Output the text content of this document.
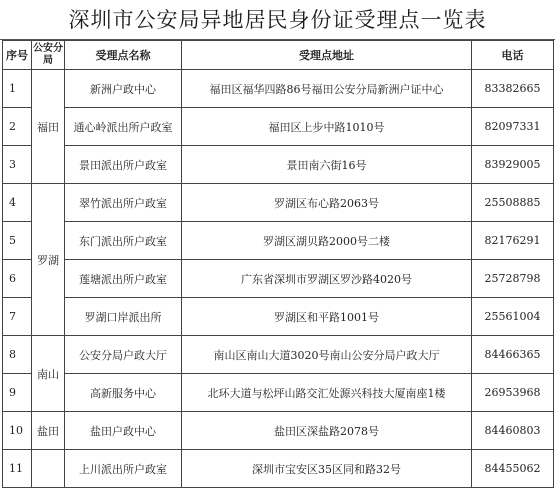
深圳市公安局异地居民身份证受理点一览表
序号	公安分局	受理点名称	受理点地址	电话
1	福田	新洲户政中心	福田区福华四路86号福田公安分局新洲户证中心	83382665
2		通心岭派出所户政室	福田区上步中路1010号	82097331
3		景田派出所户政室	景田南六街16号	83929005
4	罗湖	翠竹派出所户政室	罗湖区布心路2063号	25508885
5		东门派出所户政室	罗湖区湖贝路2000号二楼	82176291
6		莲塘派出所户政室	广东省深圳市罗湖区罗沙路4020号	25728798
7		罗湖口岸派出所	罗湖区和平路1001号	25561004
8	南山	公安分局户政大厅	南山区南山大道3020号南山公安分局户政大厅	84466365
9		高新服务中心	北环大道与松坪山路交汇处源兴科技大厦南座1楼	26953968
10	盐田	盐田户政中心	盐田区深盐路2078号	84460803
11		上川派出所户政室	深圳市宝安区35区同和路32号	84455062
